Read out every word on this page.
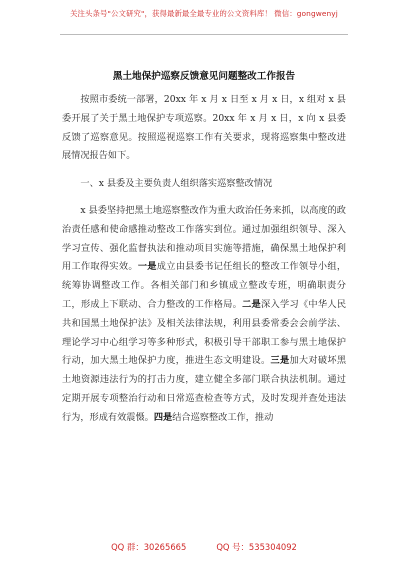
关注头条号"公文研究"，获得最新最全最专业的公文资料库！ 微信：gongwenyj
黑土地保护巡察反馈意见问题整改工作报告

按照市委统一部署，20xx 年 x 月 x 日至 x 月 x 日，x 组对 x 县委开展了关于黑土地保护专项巡察。20xx 年 x 月 x 日，x 向 x 县委反馈了巡察意见。按照巡视巡察工作有关要求，现将巡察集中整改进展情况报告如下。

一、x 县委及主要负责人组织落实巡察整改情况

x 县委坚持把黑土地巡察整改作为重大政治任务来抓，以高度的政治责任感和使命感推动整改工作落实到位。通过加强组织领导、深入学习宣传、强化监督执法和推动项目实施等措施，确保黑土地保护利用工作取得实效。一是成立由县委书记任组长的整改工作领导小组，统筹协调整改工作。各相关部门和乡镇成立整改专班，明确职责分工，形成上下联动、合力整改的工作格局。二是深入学习《中华人民共和国黑土地保护法》及相关法律法规，利用县委常委会会前学法、理论学习中心组学习等多种形式，积极引导干部职工参与黑土地保护行动，加大黑土地保护力度，推进生态文明建设。三是加大对破坏黑土地资源违法行为的打击力度，建立健全多部门联合执法机制。通过定期开展专项整治行动和日常巡查检查等方式，及时发现并查处违法行为，形成有效震慑。四是结合巡察整改工作，推动

QQ 群：30265665	QQ 号：535304092
